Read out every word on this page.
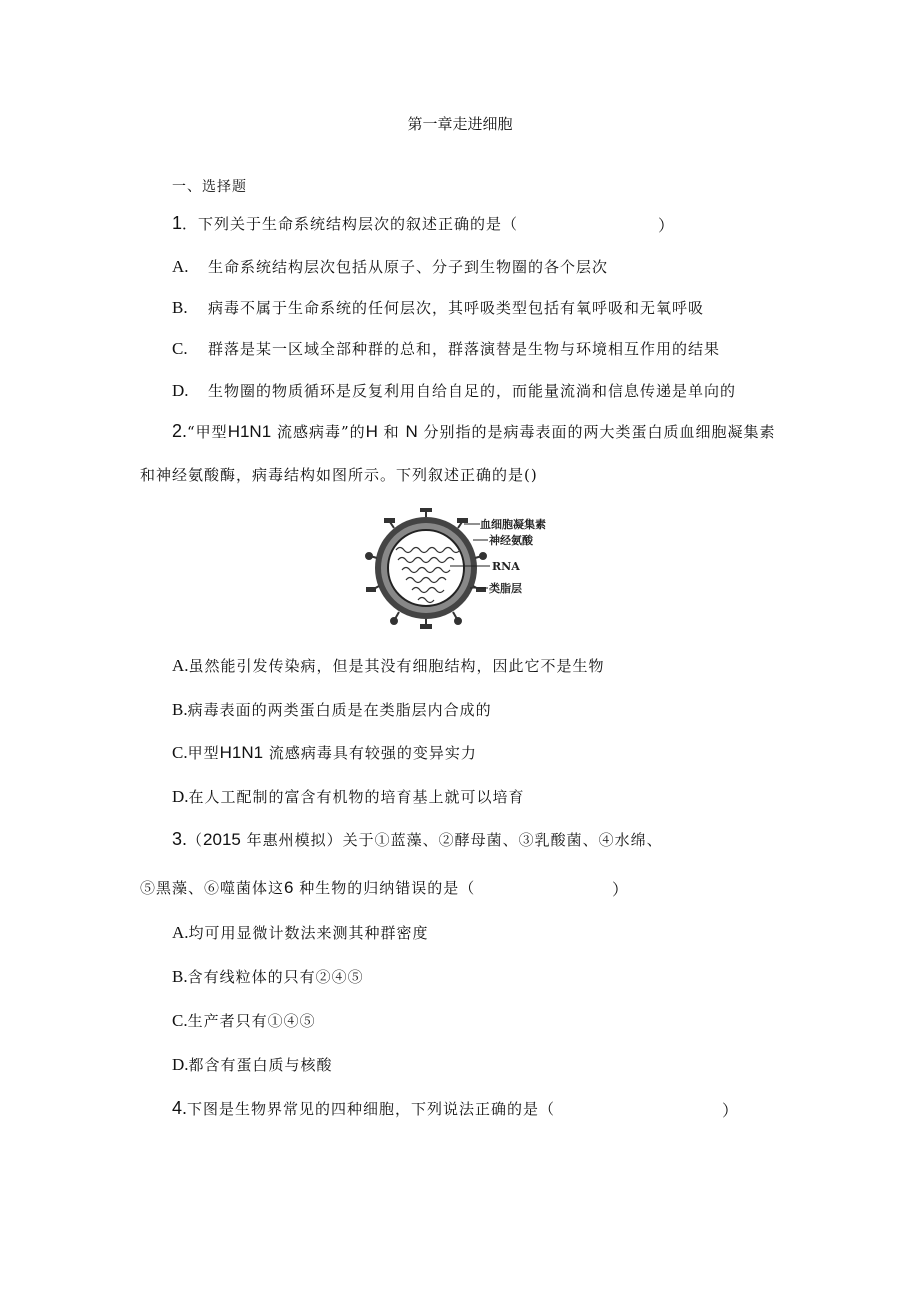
第一章走进细胞
一、选择题
1．下列关于生命系统结构层次的叙述正确的是（	）
A. 生命系统结构层次包括从原子、分子到生物圈的各个层次
B. 病毒不属于生命系统的任何层次，其呼吸类型包括有氧呼吸和无氧呼吸
C. 群落是某一区域全部种群的总和，群落演替是生物与环境相互作用的结果
D. 生物圈的物质循环是反复利用自给自足的，而能量流淌和信息传递是单向的
2.“甲型H1N1 流感病毒”的H 和 N 分别指的是病毒表面的两大类蛋白质血细胞凝集素
和神经氨酸酶，病毒结构如图所示。下列叙述正确的是()
血细胞凝集素
神经氨酸
RNA
类脂层
A.虽然能引发传染病，但是其没有细胞结构，因此它不是生物
B.病毒表面的两类蛋白质是在类脂层内合成的
C.甲型H1N1 流感病毒具有较强的变异实力
D.在人工配制的富含有机物的培育基上就可以培育
3.（2015 年惠州模拟）关于①蓝藻、②酵母菌、③乳酸菌、④水绵、
⑤黑藻、⑥噬菌体这6 种生物的归纳错误的是（	）
A.均可用显微计数法来测其种群密度
B.含有线粒体的只有②④⑤
C.生产者只有①④⑤
D.都含有蛋白质与核酸
4.下图是生物界常见的四种细胞，下列说法正确的是（	）
